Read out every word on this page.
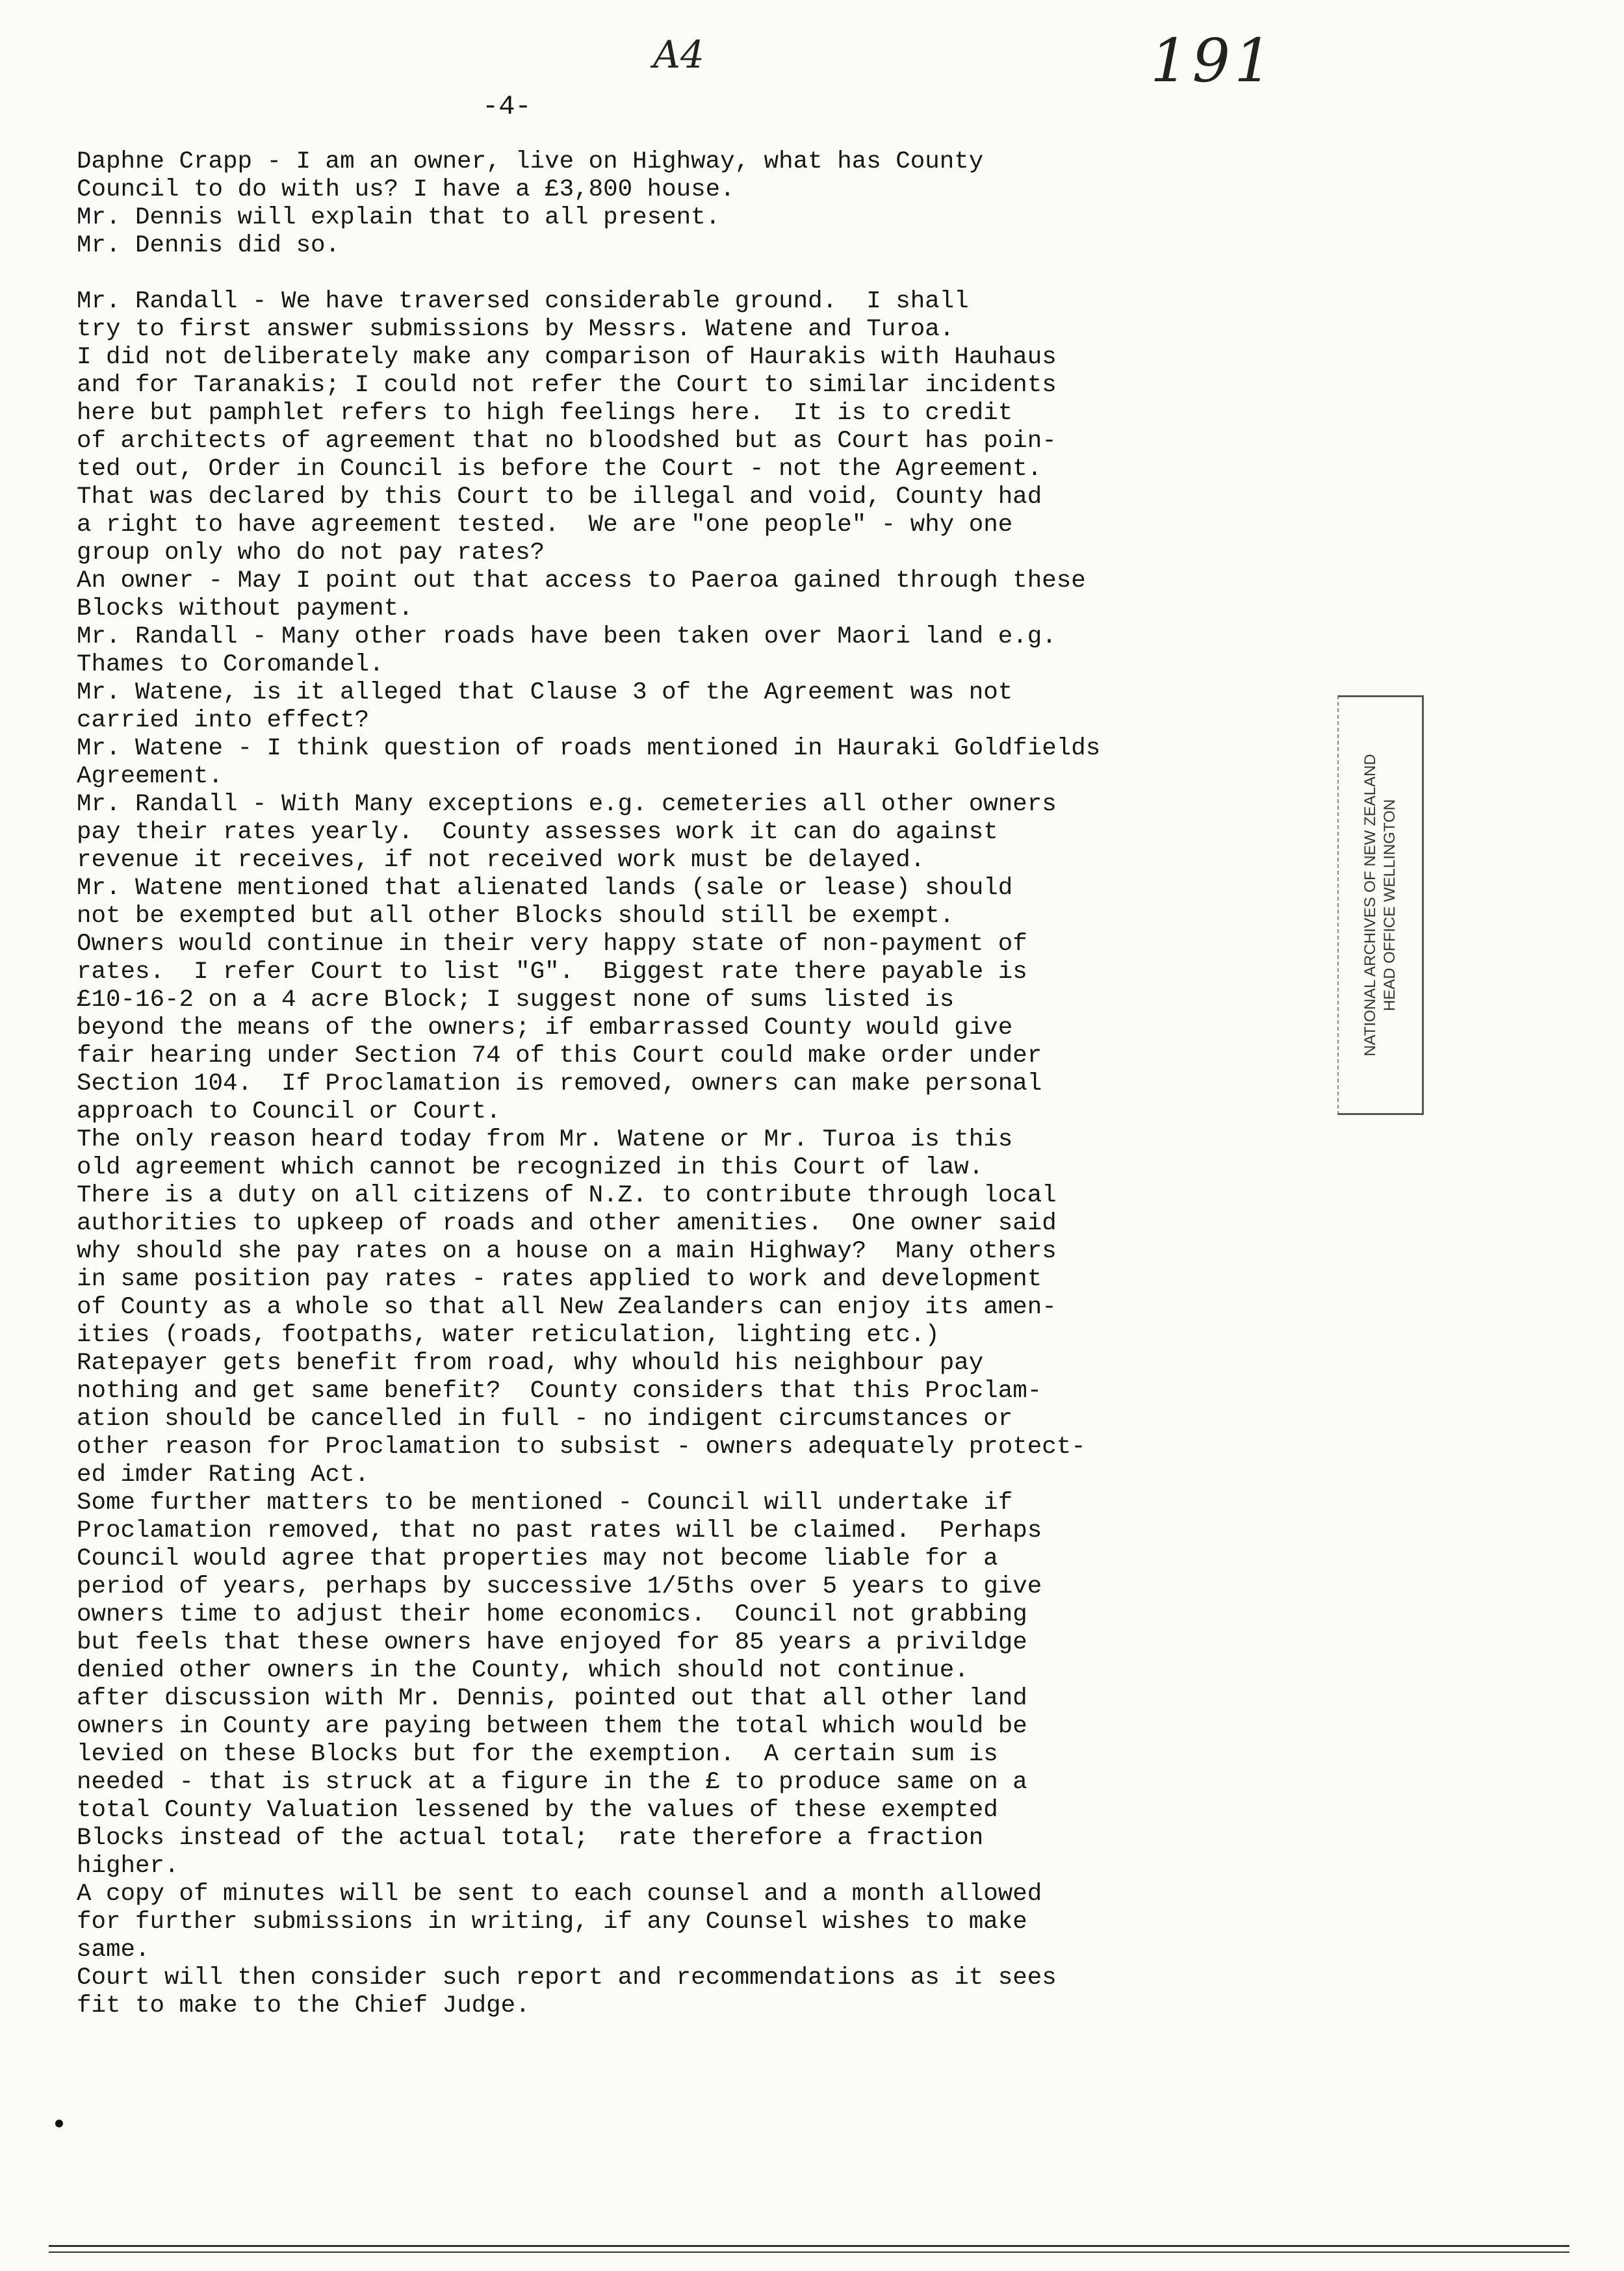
191
A4
-4-
Daphne Crapp - I am an owner, live on Highway, what has County
Council to do with us? I have a £3,800 house.
Mr. Dennis will explain that to all present.
Mr. Dennis did so.
Mr. Randall - We have traversed considerable ground.  I shall
try to first answer submissions by Messrs. Watene and Turoa.
I did not deliberately make any comparison of Haurakis with Hauhaus
and for Taranakis; I could not refer the Court to similar incidents
here but pamphlet refers to high feelings here.  It is to credit
of architects of agreement that no bloodshed but as Court has poin-
ted out, Order in Council is before the Court - not the Agreement.
That was declared by this Court to be illegal and void, County had
a right to have agreement tested.  We are "one people" - why one
group only who do not pay rates?
An owner - May I point out that access to Paeroa gained through these
Blocks without payment.
Mr. Randall - Many other roads have been taken over Maori land e.g.
Thames to Coromandel.
Mr. Watene, is it alleged that Clause 3 of the Agreement was not
carried into effect?
Mr. Watene - I think question of roads mentioned in Hauraki Goldfields
Agreement.
Mr. Randall - With Many exceptions e.g. cemeteries all other owners
pay their rates yearly.  County assesses work it can do against
revenue it receives, if not received work must be delayed.
Mr. Watene mentioned that alienated lands (sale or lease) should
not be exempted but all other Blocks should still be exempt.
Owners would continue in their very happy state of non-payment of
rates.  I refer Court to list "G".  Biggest rate there payable is
£10-16-2 on a 4 acre Block; I suggest none of sums listed is
beyond the means of the owners; if embarrassed County would give
fair hearing under Section 74 of this Court could make order under
Section 104.  If Proclamation is removed, owners can make personal
approach to Council or Court.
The only reason heard today from Mr. Watene or Mr. Turoa is this
old agreement which cannot be recognized in this Court of law.
There is a duty on all citizens of N.Z. to contribute through local
authorities to upkeep of roads and other amenities.  One owner said
why should she pay rates on a house on a main Highway?  Many others
in same position pay rates - rates applied to work and development
of County as a whole so that all New Zealanders can enjoy its amen-
ities (roads, footpaths, water reticulation, lighting etc.)
Ratepayer gets benefit from road, why whould his neighbour pay
nothing and get same benefit?  County considers that this Proclam-
ation should be cancelled in full - no indigent circumstances or
other reason for Proclamation to subsist - owners adequately protect-
ed imder Rating Act.
Some further matters to be mentioned - Council will undertake if
Proclamation removed, that no past rates will be claimed.  Perhaps
Council would agree that properties may not become liable for a
period of years, perhaps by successive 1/5ths over 5 years to give
owners time to adjust their home economics.  Council not grabbing
but feels that these owners have enjoyed for 85 years a privildge
denied other owners in the County, which should not continue.
after discussion with Mr. Dennis, pointed out that all other land
owners in County are paying between them the total which would be
levied on these Blocks but for the exemption.  A certain sum is
needed - that is struck at a figure in the £ to produce same on a
total County Valuation lessened by the values of these exempted
Blocks instead of the actual total;  rate therefore a fraction
higher.
A copy of minutes will be sent to each counsel and a month allowed
for further submissions in writing, if any Counsel wishes to make
same.
Court will then consider such report and recommendations as it sees
fit to make to the Chief Judge.
NATIONAL ARCHIVES OF NEW ZEALAND HEAD OFFICE WELLINGTON
